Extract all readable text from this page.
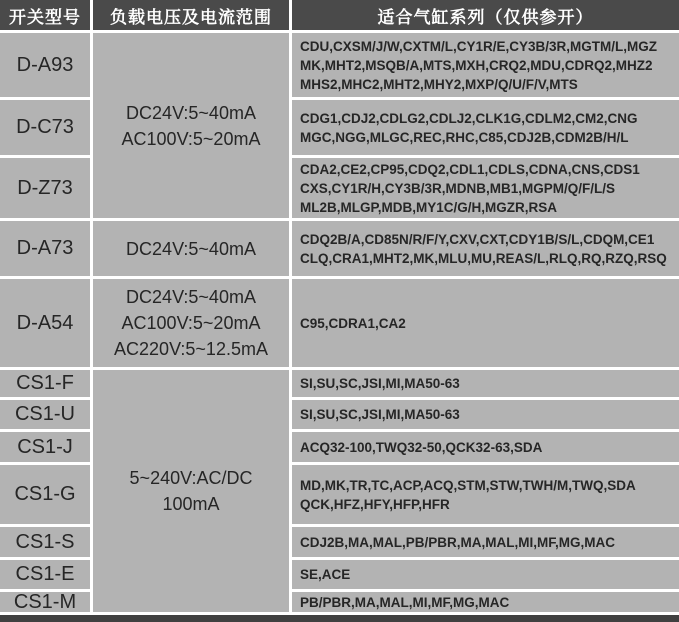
开关型号	负载电压及电流范围	适合气缸系列（仅供参开）
D-A93
D-C73
D-Z73
D-A73
D-A54
CS1-F
CS1-U
CS1-J
CS1-G
CS1-S
CS1-E
CS1-M
DC24V:5~40mA
AC100V:5~20mA
DC24V:5~40mA
DC24V:5~40mA
AC100V:5~20mA
AC220V:5~12.5mA
5~240V:AC/DC
100mA
CDU,CXSM/J/W,CXTM/L,CY1R/E,CY3B/3R,MGTM/L,MGZ
MK,MHT2,MSQB/A,MTS,MXH,CRQ2,MDU,CDRQ2,MHZ2
MHS2,MHC2,MHT2,MHY2,MXP/Q/U/F/V,MTS
CDG1,CDJ2,CDLG2,CDLJ2,CLK1G,CDLM2,CM2,CNG
MGC,NGG,MLGC,REC,RHC,C85,CDJ2B,CDM2B/H/L
CDA2,CE2,CP95,CDQ2,CDL1,CDLS,CDNA,CNS,CDS1
CXS,CY1R/H,CY3B/3R,MDNB,MB1,MGPM/Q/F/L/S
ML2B,MLGP,MDB,MY1C/G/H,MGZR,RSA
CDQ2B/A,CD85N/R/F/Y,CXV,CXT,CDY1B/S/L,CDQM,CE1
CLQ,CRA1,MHT2,MK,MLU,MU,REAS/L,RLQ,RQ,RZQ,RSQ
C95,CDRA1,CA2
SI,SU,SC,JSI,MI,MA50-63
SI,SU,SC,JSI,MI,MA50-63
ACQ32-100,TWQ32-50,QCK32-63,SDA
MD,MK,TR,TC,ACP,ACQ,STM,STW,TWH/M,TWQ,SDA
QCK,HFZ,HFY,HFP,HFR
CDJ2B,MA,MAL,PB/PBR,MA,MAL,MI,MF,MG,MAC
SE,ACE
PB/PBR,MA,MAL,MI,MF,MG,MAC
